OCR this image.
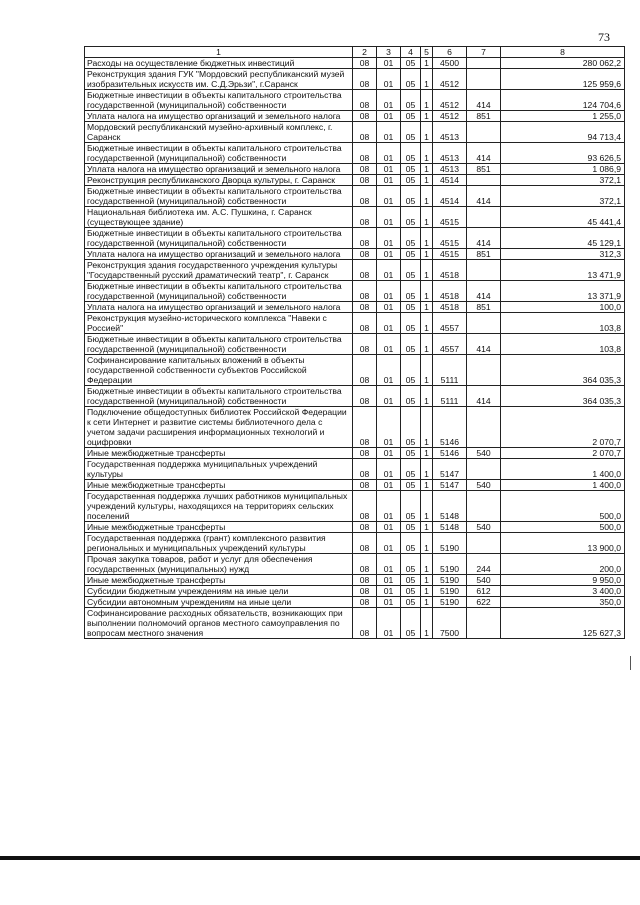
73
1	2	3	4	5	6	7	8
Расходы на осуществление бюджетных инвестиций	08	01	05	1	4500		280 062,2
Реконструкция здания ГУК "Мордовский республиканский музей изобразительных искусств им. С.Д.Эрьзи", г.Саранск	08	01	05	1	4512		125 959,6
Бюджетные инвестиции в объекты капитального строительства государственной (муниципальной) собственности	08	01	05	1	4512	414	124 704,6
Уплата налога на имущество организаций и земельного налога	08	01	05	1	4512	851	1 255,0
Мордовский республиканский музейно-архивный комплекс, г. Саранск	08	01	05	1	4513		94 713,4
Бюджетные инвестиции в объекты капитального строительства государственной (муниципальной) собственности	08	01	05	1	4513	414	93 626,5
Уплата налога на имущество организаций и земельного налога	08	01	05	1	4513	851	1 086,9
Реконструкция республиканского Дворца культуры, г. Саранск	08	01	05	1	4514		372,1
Бюджетные инвестиции в объекты капитального строительства государственной (муниципальной) собственности	08	01	05	1	4514	414	372,1
Национальная библиотека им. А.С. Пушкина, г. Саранск (существующее здание)	08	01	05	1	4515		45 441,4
Бюджетные инвестиции в объекты капитального строительства государственной (муниципальной) собственности	08	01	05	1	4515	414	45 129,1
Уплата налога на имущество организаций и земельного налога	08	01	05	1	4515	851	312,3
Реконструкция здания государственного учреждения культуры "Государственный русский драматический театр", г. Саранск	08	01	05	1	4518		13 471,9
Бюджетные инвестиции в объекты капитального строительства государственной (муниципальной) собственности	08	01	05	1	4518	414	13 371,9
Уплата налога на имущество организаций и земельного налога	08	01	05	1	4518	851	100,0
Реконструкция музейно-исторического комплекса "Навеки с Россией"	08	01	05	1	4557		103,8
Бюджетные инвестиции в объекты капитального строительства государственной (муниципальной) собственности	08	01	05	1	4557	414	103,8
Софинансирование капитальных вложений в объекты государственной собственности субъектов Российской Федерации	08	01	05	1	5111		364 035,3
Бюджетные инвестиции в объекты капитального строительства государственной (муниципальной) собственности	08	01	05	1	5111	414	364 035,3
Подключение общедоступных библиотек Российской Федерации к сети Интернет и развитие системы библиотечного дела с учетом задачи расширения информационных технологий и оцифровки	08	01	05	1	5146		2 070,7
Иные межбюджетные трансферты	08	01	05	1	5146	540	2 070,7
Государственная поддержка муниципальных учреждений культуры	08	01	05	1	5147		1 400,0
Иные межбюджетные трансферты	08	01	05	1	5147	540	1 400,0
Государственная поддержка лучших работников муниципальных учреждений культуры, находящихся на территориях сельских поселений	08	01	05	1	5148		500,0
Иные межбюджетные трансферты	08	01	05	1	5148	540	500,0
Государственная поддержка (грант) комплексного развития региональных и муниципальных учреждений культуры	08	01	05	1	5190		13 900,0
Прочая закупка товаров, работ и услуг для обеспечения государственных (муниципальных) нужд	08	01	05	1	5190	244	200,0
Иные межбюджетные трансферты	08	01	05	1	5190	540	9 950,0
Субсидии бюджетным учреждениям на иные цели	08	01	05	1	5190	612	3 400,0
Субсидии автономным учреждениям на иные цели	08	01	05	1	5190	622	350,0
Софинансирование расходных обязательств, возникающих при выполнении полномочий органов местного самоуправления по вопросам местного значения	08	01	05	1	7500		125 627,3
